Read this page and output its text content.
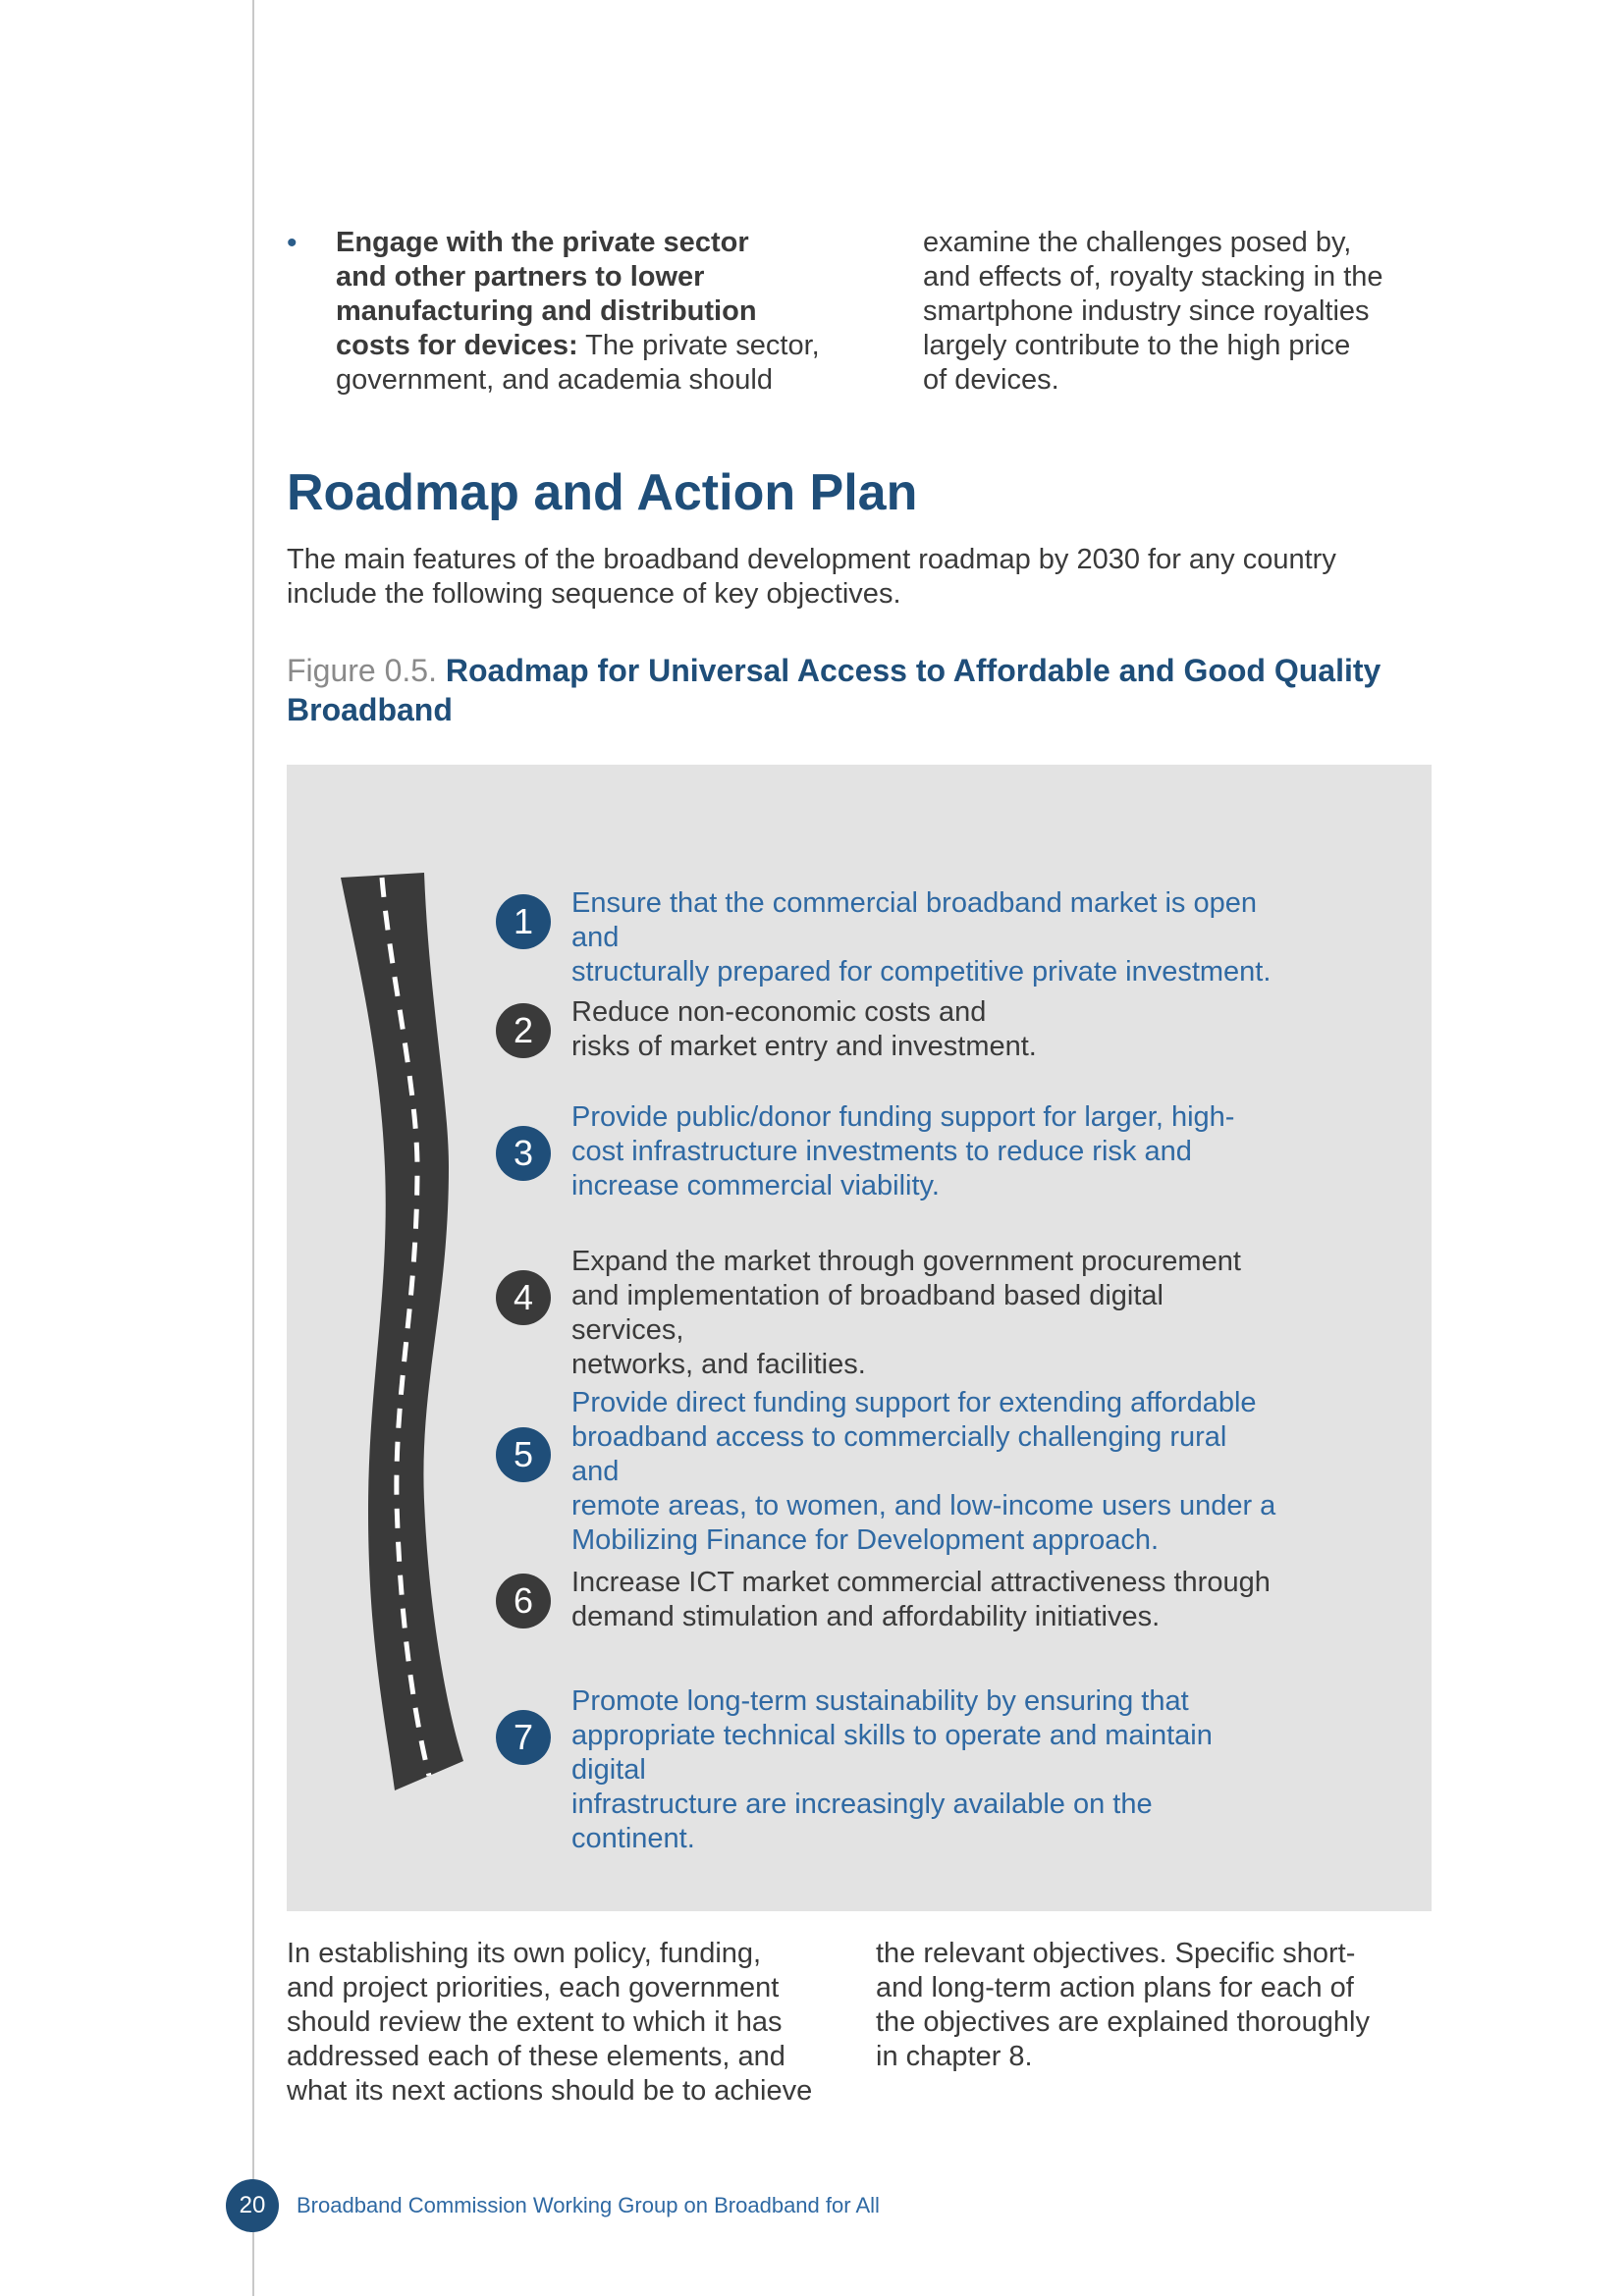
• Engage with the private sector
and other partners to lower
manufacturing and distribution
costs for devices: The private sector,
government, and academia should
examine the challenges posed by,
and effects of, royalty stacking in the
smartphone industry since royalties
largely contribute to the high price
of devices.
Roadmap and Action Plan
The main features of the broadband development roadmap by 2030 for any country
include the following sequence of key objectives.
Figure 0.5. Roadmap for Universal Access to Affordable and Good Quality
Broadband
1	Ensure that the commercial broadband market is open and
structurally prepared for competitive private investment.
2	Reduce non-economic costs and
risks of market entry and investment.
3
Provide public/donor funding support for larger, high-
cost infrastructure investments to reduce risk and
increase commercial viability.
4
Expand the market through government procurement
and implementation of broadband based digital services,
networks, and facilities.
5
Provide direct funding support for extending affordable
broadband access to commercially challenging rural and
remote areas, to women, and low-income users under a
Mobilizing Finance for Development approach.
6	Increase ICT market commercial attractiveness through
demand stimulation and affordability initiatives.
7
Promote long-term sustainability by ensuring that
appropriate technical skills to operate and maintain digital
infrastructure are increasingly available on the continent.
In establishing its own policy, funding,
and project priorities, each government
should review the extent to which it has
addressed each of these elements, and
what its next actions should be to achieve
the relevant objectives. Specific short-
and long-term action plans for each of
the objectives are explained thoroughly
in chapter 8.
20	Broadband Commission Working Group on Broadband for All
